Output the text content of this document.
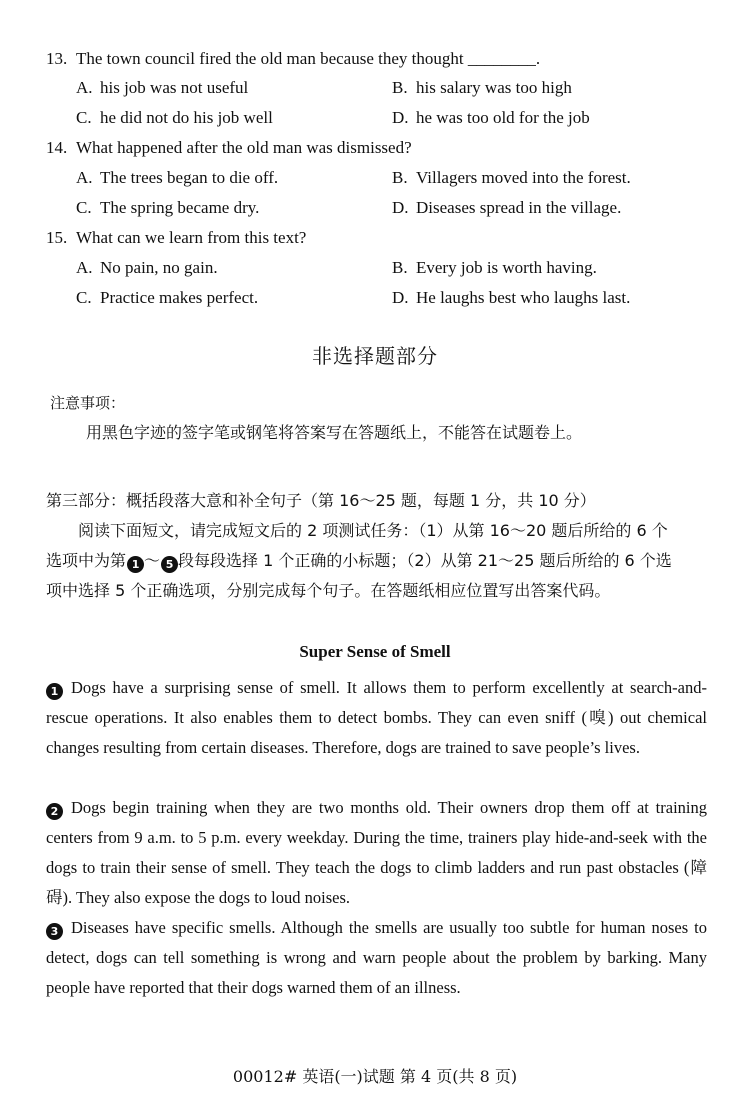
13. The town council fired the old man because they thought ________.
A. his job was not useful	B. his salary was too high
C. he did not do his job well	D. he was too old for the job
14. What happened after the old man was dismissed?
A. The trees began to die off.	B. Villagers moved into the forest.
C. The spring became dry.	D. Diseases spread in the village.
15. What can we learn from this text?
A. No pain, no gain.	B. Every job is worth having.
C. Practice makes perfect.	D. He laughs best who laughs last.
非选择题部分
注意事项：
用黑色字迹的签字笔或钢笔将答案写在答题纸上，不能答在试题卷上。
第三部分：概括段落大意和补全句子（第 16～25 题，每题 1 分，共 10 分）
阅读下面短文，请完成短文后的 2 项测试任务：（1）从第 16～20 题后所给的 6 个
选项中为第 1 ～ 5 段每段选择 1 个正确的小标题；（2）从第 21～25 题后所给的 6 个选
项中选择 5 个正确选项，分别完成每个句子。在答题纸相应位置写出答案代码。
Super Sense of Smell
1 Dogs have a surprising sense of smell. It allows them to perform excellently at search-and-rescue operations. It also enables them to detect bombs. They can even sniff (嗅) out chemical changes resulting from certain diseases. Therefore, dogs are trained to save people’s lives.
2 Dogs begin training when they are two months old. Their owners drop them off at training centers from 9 a.m. to 5 p.m. every weekday. During the time, trainers play hide-and-seek with the dogs to train their sense of smell. They teach the dogs to climb ladders and run past obstacles (障碍). They also expose the dogs to loud noises.
3 Diseases have specific smells. Although the smells are usually too subtle for human noses to detect, dogs can tell something is wrong and warn people about the problem by barking. Many people have reported that their dogs warned them of an illness.
00012# 英语(一)试题 第 4 页(共 8 页)
